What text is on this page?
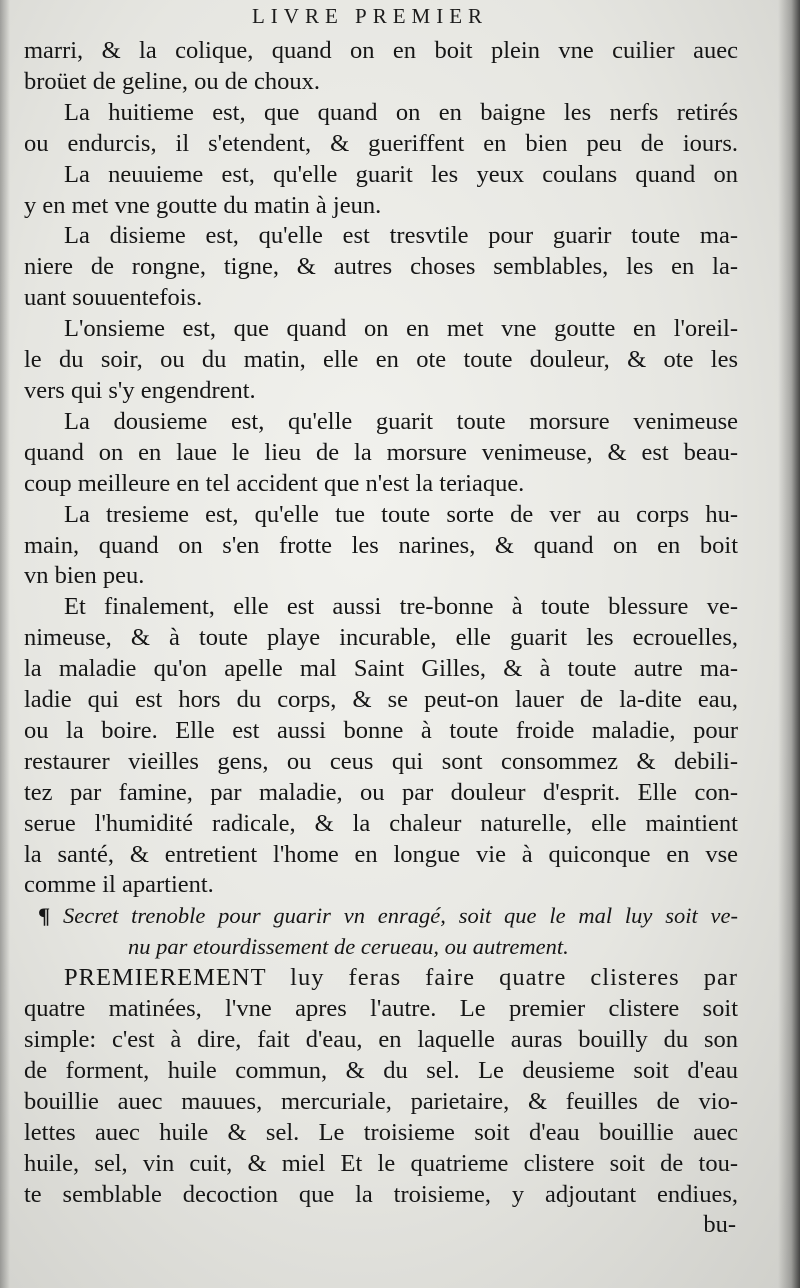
LIVRE PREMIER
marri, & la colique, quand on en boit plein vne cuilier auec
broüet de geline, ou de choux.
La huitieme est, que quand on en baigne les nerfs retirés
ou endurcis, il s'etendent, & gueriffent en bien peu de iours.
La neuuieme est, qu'elle guarit les yeux coulans quand on
y en met vne goutte du matin à jeun.
La disieme est, qu'elle est tresvtile pour guarir toute ma-
niere de rongne, tigne, & autres choses semblables, les en la-
uant souuentefois.
L'onsieme est, que quand on en met vne goutte en l'oreil-
le du soir, ou du matin, elle en ote toute douleur, & ote les
vers qui s'y engendrent.
La dousieme est, qu'elle guarit toute morsure venimeuse
quand on en laue le lieu de la morsure venimeuse, & est beau-
coup meilleure en tel accident que n'est la teriaque.
La tresieme est, qu'elle tue toute sorte de ver au corps hu-
main, quand on s'en frotte les narines, & quand on en boit
vn bien peu.
Et finalement, elle est aussi tre-bonne à toute blessure ve-
nimeuse, & à toute playe incurable, elle guarit les ecrouelles,
la maladie qu'on apelle mal Saint Gilles, & à toute autre ma-
ladie qui est hors du corps, & se peut-on lauer de la-dite eau,
ou la boire. Elle est aussi bonne à toute froide maladie, pour
restaurer vieilles gens, ou ceus qui sont consommez & debili-
tez par famine, par maladie, ou par douleur d'esprit. Elle con-
serue l'humidité radicale, & la chaleur naturelle, elle maintient
la santé, & entretient l'home en longue vie à quiconque en vse
comme il apartient.
¶ Secret trenoble pour guarir vn enragé, soit que le mal luy soit ve-
nu par etourdissement de cerueau, ou autrement.
PREMIEREMENT luy feras faire quatre clisteres par
quatre matinées, l'vne apres l'autre. Le premier clistere soit
simple: c'est à dire, fait d'eau, en laquelle auras bouilly du son
de forment, huile commun, & du sel. Le deusieme soit d'eau
bouillie auec mauues, mercuriale, parietaire, & feuilles de vio-
lettes auec huile & sel. Le troisieme soit d'eau bouillie auec
huile, sel, vin cuit, & miel Et le quatrieme clistere soit de tou-
te semblable decoction que la troisieme, y adjoutant endiues,
bu-
